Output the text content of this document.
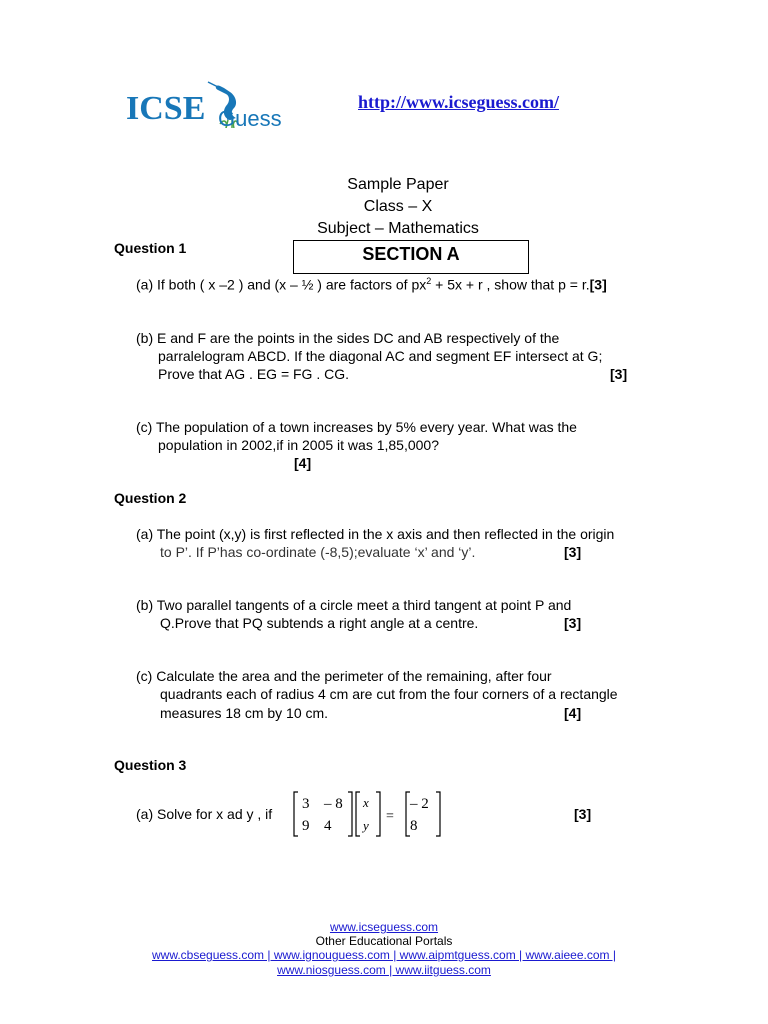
ICSE Guess
http://www.icseguess.com/
Sample Paper
Class – X
Subject – Mathematics
SECTION A
Question 1
(a) If both ( x –2 ) and (x – ½ ) are factors of $px^2 + 5x + r$ , show that p = r.[3]
(b) E and F are the points in the sides DC and AB respectively of the
parralelogram ABCD. If the diagonal AC and segment EF intersect at G;
Prove that AG . EG = FG . CG.	[3]
(c) The population of a town increases by 5% every year. What was the
population in 2002,if in 2005 it was 1,85,000?
[4]
Question 2
(a) The point (x,y) is first reflected in the x axis and then reflected in the origin
to P’. If P’has co-ordinate (-8,5);evaluate ‘x’ and ‘y’.	[3]
(b) Two parallel tangents of a circle meet a third tangent at point P and
Q.Prove that PQ subtends a right angle at a centre.	[3]
(c) Calculate the area and the perimeter of the remaining, after four
quadrants each of radius 4 cm are cut from the four corners of a rectangle
measures 18 cm by 10 cm.	[4]
Question 3
(a) Solve for x ad y , if
3 – 8
9 4
x
y
=
– 2
8
[3]
www.icseguess.com
Other Educational Portals
www.cbseguess.com | www.ignouguess.com | www.aipmtguess.com | www.aieee.com |
www.niosguess.com | www.iitguess.com
